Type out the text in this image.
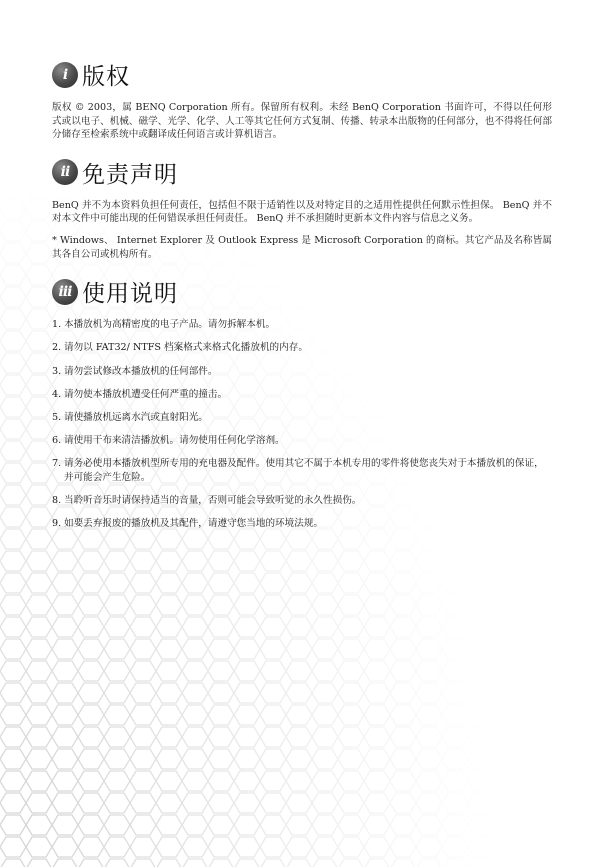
i 版权

版权 © 2003，属 BENQ Corporation 所有。保留所有权利。未经 BenQ Corporation 书面许可，不得以任何形式或以电子、机械、磁学、光学、化学、人工等其它任何方式复制、传播、转录本出版物的任何部分，也不得将任何部分储存至检索系统中或翻译成任何语言或计算机语言。

ii 免责声明

BenQ 并不为本资料负担任何责任，包括但不限于适销性以及对特定目的之适用性提供任何默示性担保。 BenQ 并不对本文件中可能出现的任何错误承担任何责任。 BenQ 并不承担随时更新本文件内容与信息之义务。

* Windows、 Internet Explorer 及 Outlook Express 是 Microsoft Corporation 的商标。其它产品及名称皆属其各自公司或机构所有。

iii 使用说明
1. 本播放机为高精密度的电子产品。请勿拆解本机。
2. 请勿以 FAT32/ NTFS 档案格式来格式化播放机的内存。
3. 请勿尝试修改本播放机的任何部件。
4. 请勿使本播放机遭受任何严重的撞击。
5. 请使播放机远离水汽或直射阳光。
6. 请使用干布来清洁播放机。请勿使用任何化学溶剂。
7. 请务必使用本播放机型所专用的充电器及配件。使用其它不属于本机专用的零件将使您丧失对于本播放机的保证，并可能会产生危险。
8. 当聆听音乐时请保持适当的音量，否则可能会导致听觉的永久性损伤。
9. 如要丢弃报废的播放机及其配件，请遵守您当地的环境法规。
